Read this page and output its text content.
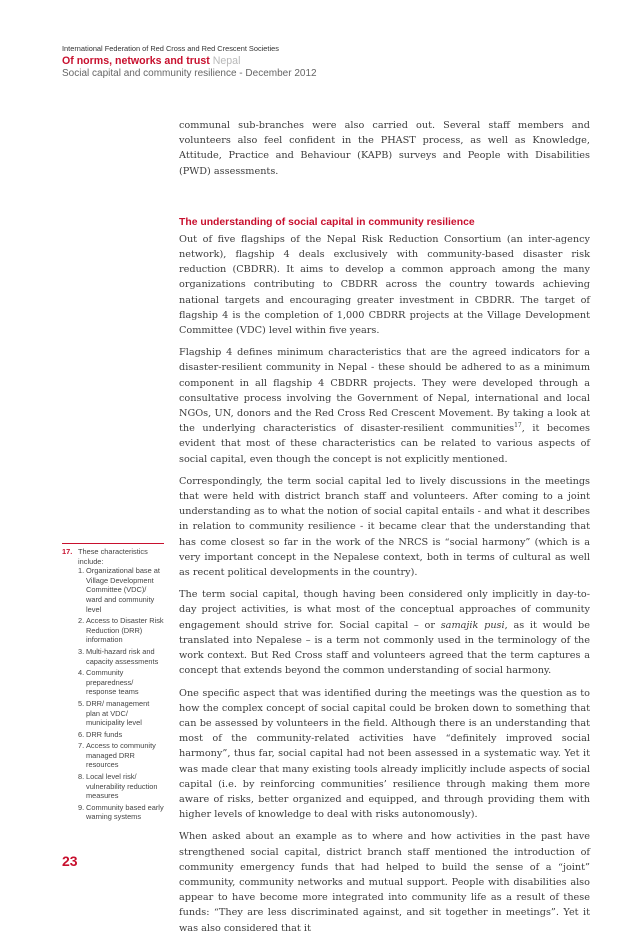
International Federation of Red Cross and Red Crescent Societies
Of norms, networks and trust Nepal
Social capital and community resilience - December 2012

communal sub-branches were also carried out. Several staff members and volunteers also feel confident in the PHAST process, as well as Knowledge, Attitude, Practice and Behaviour (KAPB) surveys and People with Disabilities (PWD) assessments.

The understanding of social capital in community resilience

Out of five flagships of the Nepal Risk Reduction Consortium (an inter-agency network), flagship 4 deals exclusively with community-based disaster risk reduction (CBDRR). It aims to develop a common approach among the many organizations contributing to CBDRR across the country towards achieving national targets and encouraging greater investment in CBDRR. The target of flagship 4 is the completion of 1,000 CBDRR projects at the Village Development Committee (VDC) level within five years.

Flagship 4 defines minimum characteristics that are the agreed indicators for a disaster-resilient community in Nepal - these should be adhered to as a minimum component in all flagship 4 CBDRR projects. They were developed through a consultative process involving the Government of Nepal, international and local NGOs, UN, donors and the Red Cross Red Crescent Movement. By taking a look at the underlying characteristics of disaster-resilient communities$^{17}$, it becomes evident that most of these characteristics can be related to various aspects of social capital, even though the concept is not explicitly mentioned.

Correspondingly, the term social capital led to lively discussions in the meetings that were held with district branch staff and volunteers. After coming to a joint understanding as to what the notion of social capital entails - and what it describes in relation to community resilience - it became clear that the understanding that has come closest so far in the work of the NRCS is “social harmony” (which is a very important concept in the Nepalese context, both in terms of cultural as well as recent political developments in the country).

The term social capital, though having been considered only implicitly in day-to-day project activities, is what most of the conceptual approaches of community engagement should strive for. Social capital – or samajik pusi, as it would be translated into Nepalese – is a term not commonly used in the terminology of the work context. But Red Cross staff and volunteers agreed that the term captures a concept that extends beyond the common understanding of social harmony.

One specific aspect that was identified during the meetings was the question as to how the complex concept of social capital could be broken down to something that can be assessed by volunteers in the field. Although there is an understanding that most of the community-related activities have “definitely improved social harmony”, thus far, social capital had not been assessed in a systematic way. Yet it was made clear that many existing tools already implicitly include aspects of social capital (i.e. by reinforcing communities’ resilience through making them more aware of risks, better organized and equipped, and through providing them with higher levels of knowledge to deal with risks autonomously).

When asked about an example as to where and how activities in the past have strengthened social capital, district branch staff mentioned the introduction of community emergency funds that had helped to build the sense of a “joint” community, community networks and mutual support. People with disabilities also appear to have become more integrated into community life as a result of these funds: “They are less discriminated against, and sit together in meetings”. Yet it was also considered that it

17. These characteristics include:
1. Organizational base at Village Development Committee (VDC)/ ward and community level
2. Access to Disaster Risk Reduction (DRR) information
3. Multi-hazard risk and capacity assessments
4. Community preparedness/ response teams
5. DRR/ management plan at VDC/ municipality level
6. DRR funds
7. Access to community managed DRR resources
8. Local level risk/ vulnerability reduction measures
9. Community based early warning systems
23
